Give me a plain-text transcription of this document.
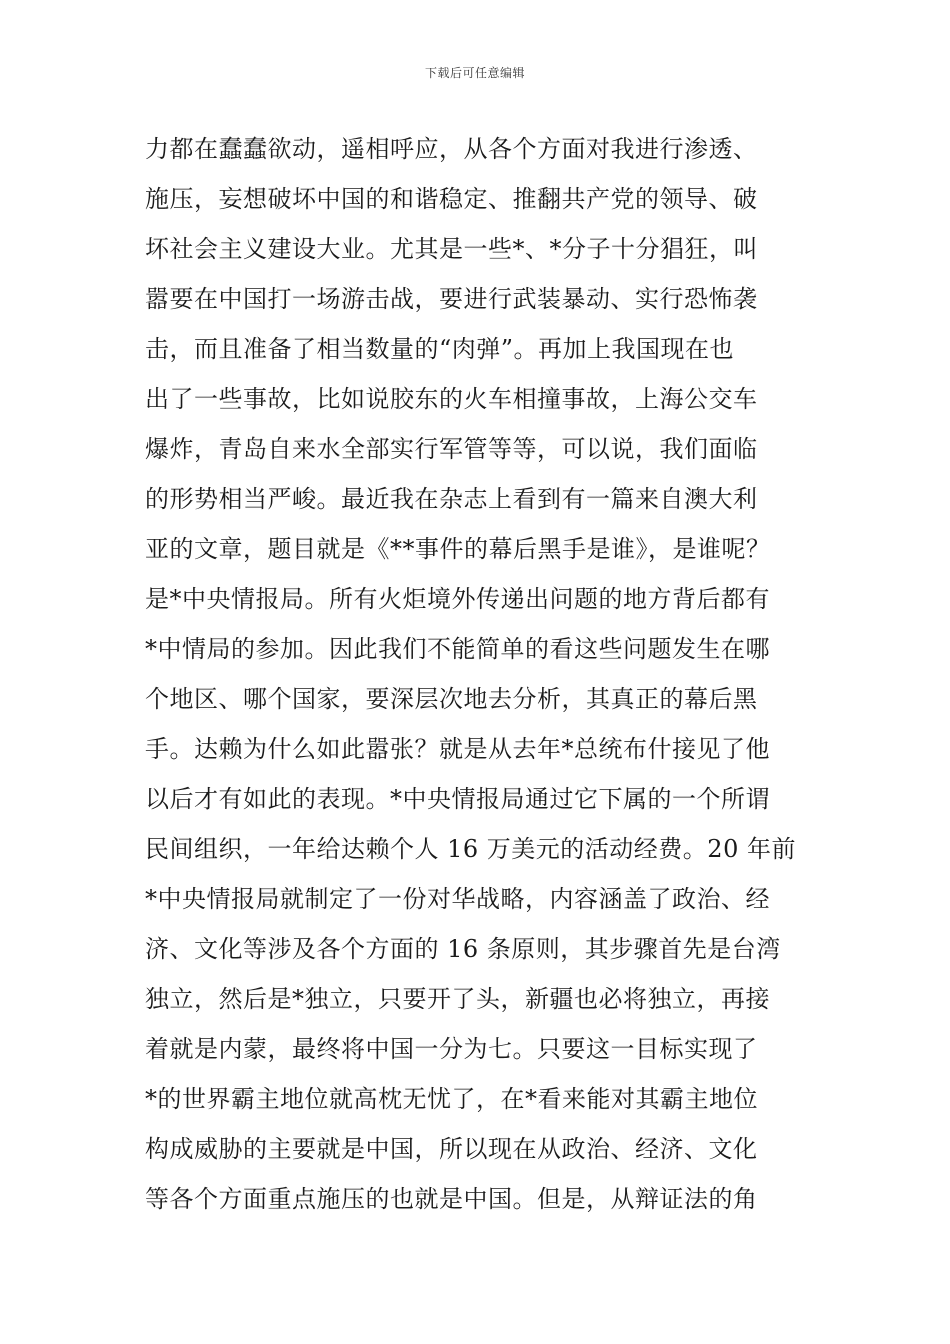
下载后可任意编辑
力都在蠢蠢欲动，遥相呼应，从各个方面对我进行渗透、
施压，妄想破坏中国的和谐稳定、推翻共产党的领导、破
坏社会主义建设大业。尤其是一些*、*分子十分猖狂，叫
嚣要在中国打一场游击战，要进行武装暴动、实行恐怖袭
击，而且准备了相当数量的“肉弹”。再加上我国现在也
出了一些事故，比如说胶东的火车相撞事故，上海公交车
爆炸，青岛自来水全部实行军管等等，可以说，我们面临
的形势相当严峻。最近我在杂志上看到有一篇来自澳大利
亚的文章，题目就是《**事件的幕后黑手是谁》，是谁呢？
是*中央情报局。所有火炬境外传递出问题的地方背后都有
*中情局的参加。因此我们不能简单的看这些问题发生在哪
个地区、哪个国家，要深层次地去分析，其真正的幕后黑
手。达赖为什么如此嚣张？就是从去年*总统布什接见了他
以后才有如此的表现。*中央情报局通过它下属的一个所谓
民间组织，一年给达赖个人 16 万美元的活动经费。20 年前
*中央情报局就制定了一份对华战略，内容涵盖了政治、经
济、文化等涉及各个方面的 16 条原则，其步骤首先是台湾
独立，然后是*独立，只要开了头，新疆也必将独立，再接
着就是内蒙，最终将中国一分为七。只要这一目标实现了
*的世界霸主地位就高枕无忧了，在*看来能对其霸主地位
构成威胁的主要就是中国，所以现在从政治、经济、文化
等各个方面重点施压的也就是中国。但是，从辩证法的角
